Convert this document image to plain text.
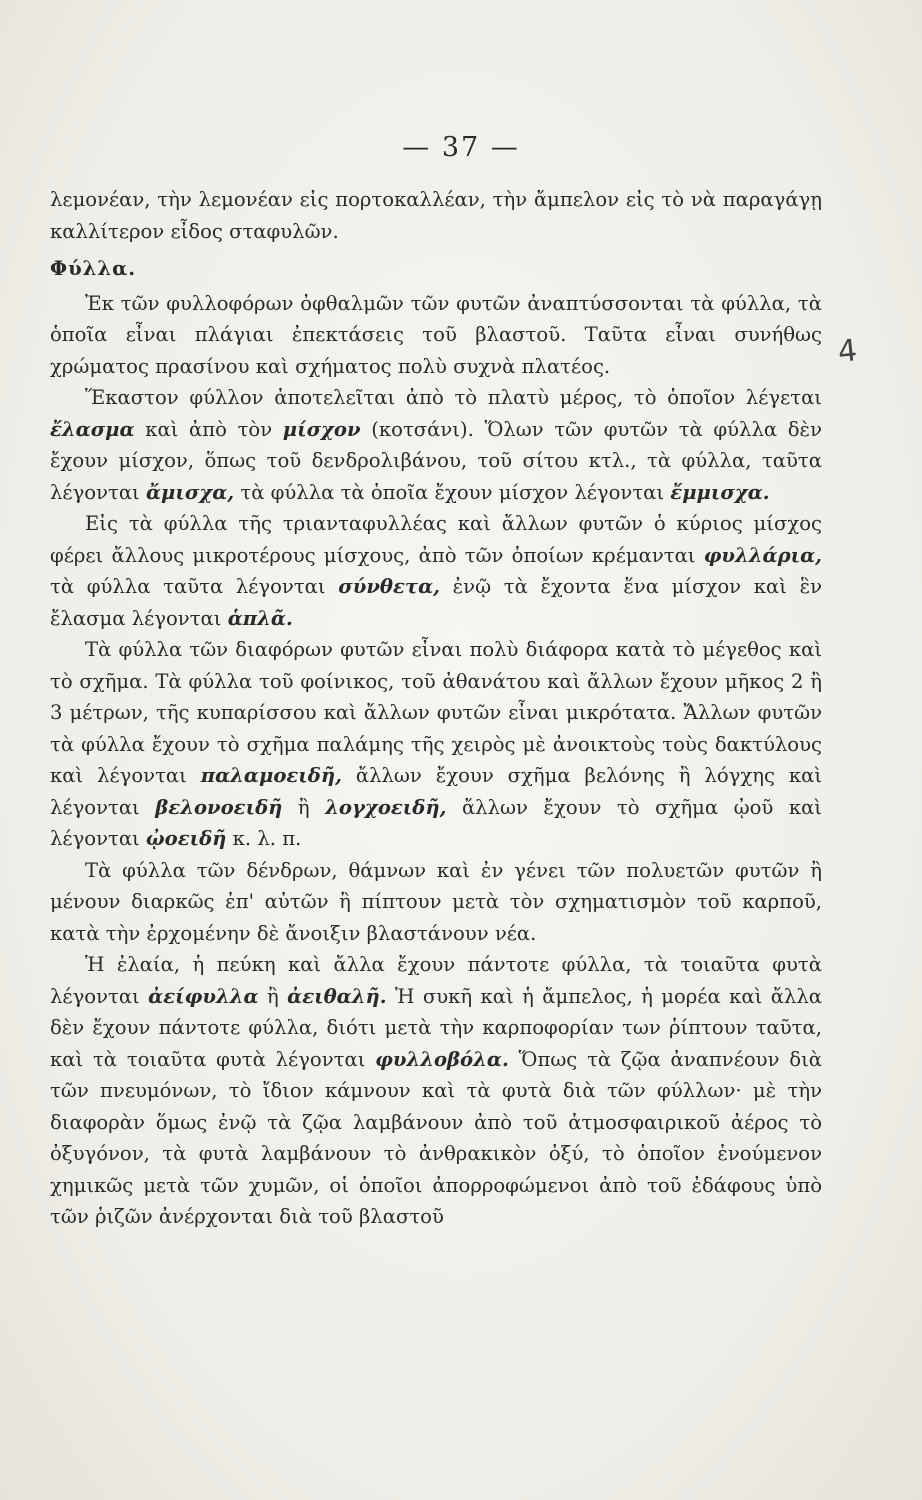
— 37 —
4

λεμονέαν, τὴν λεμονέαν εἰς πορτοκαλλέαν, τὴν ἄμπελον εἰς τὸ νὰ παραγάγῃ καλλίτερον εἶδος σταφυλῶν.

Φύλλα.

Ἐκ τῶν φυλλοφόρων ὀφθαλμῶν τῶν φυτῶν ἀναπτύσσονται τὰ φύλλα, τὰ ὁποῖα εἶναι πλάγιαι ἐπεκτάσεις τοῦ βλαστοῦ. Ταῦτα εἶναι συνήθως χρώματος πρασίνου καὶ σχήματος πολὺ συχνὰ πλατέος.

Ἕκαστον φύλλον ἀποτελεῖται ἀπὸ τὸ πλατὺ μέρος, τὸ ὁποῖον λέγεται ἔλασμα καὶ ἀπὸ τὸν μίσχον (κοτσάνι). Ὅλων τῶν φυτῶν τὰ φύλλα δὲν ἔχουν μίσχον, ὅπως τοῦ δενδρολιβάνου, τοῦ σίτου κτλ., τὰ φύλλα, ταῦτα λέγονται ἄμισχα, τὰ φύλλα τὰ ὁποῖα ἔχουν μίσχον λέγονται ἔμμισχα.

Εἰς τὰ φύλλα τῆς τριανταφυλλέας καὶ ἄλλων φυτῶν ὁ κύριος μίσχος φέρει ἄλλους μικροτέρους μίσχους, ἀπὸ τῶν ὁποίων κρέμανται φυλλάρια, τὰ φύλλα ταῦτα λέγονται σύνθετα, ἐνῷ τὰ ἔχοντα ἕνα μίσχον καὶ ἓν ἔλασμα λέγονται ἁπλᾶ.

Τὰ φύλλα τῶν διαφόρων φυτῶν εἶναι πολὺ διάφορα κατὰ τὸ μέγεθος καὶ τὸ σχῆμα. Τὰ φύλλα τοῦ φοίνικος, τοῦ ἀθανάτου καὶ ἄλλων ἔχουν μῆκος 2 ἢ 3 μέτρων, τῆς κυπαρίσσου καὶ ἄλλων φυτῶν εἶναι μικρότατα. Ἄλλων φυτῶν τὰ φύλλα ἔχουν τὸ σχῆμα παλάμης τῆς χειρὸς μὲ ἀνοικτοὺς τοὺς δακτύλους καὶ λέγονται παλαμοειδῆ, ἄλλων ἔχουν σχῆμα βελόνης ἢ λόγχης καὶ λέγονται βελονοειδῆ ἢ λογχοειδῆ, ἄλλων ἔχουν τὸ σχῆμα ᾠοῦ καὶ λέγονται ᾠοειδῆ κ. λ. π.

Τὰ φύλλα τῶν δένδρων, θάμνων καὶ ἐν γένει τῶν πολυετῶν φυτῶν ἢ μένουν διαρκῶς ἐπ' αὐτῶν ἢ πίπτουν μετὰ τὸν σχηματισμὸν τοῦ καρποῦ, κατὰ τὴν ἐρχομένην δὲ ἄνοιξιν βλαστάνουν νέα.

Ἡ ἐλαία, ἡ πεύκη καὶ ἄλλα ἔχουν πάντοτε φύλλα, τὰ τοιαῦτα φυτὰ λέγονται ἀείφυλλα ἢ ἀειθαλῆ. Ἡ συκῆ καὶ ἡ ἄμπελος, ἡ μορέα καὶ ἄλλα δὲν ἔχουν πάντοτε φύλλα, διότι μετὰ τὴν καρποφορίαν των ῥίπτουν ταῦτα, καὶ τὰ τοιαῦτα φυτὰ λέγονται φυλλοβόλα. Ὅπως τὰ ζῷα ἀναπνέουν διὰ τῶν πνευμόνων, τὸ ἴδιον κάμνουν καὶ τὰ φυτὰ διὰ τῶν φύλλων· μὲ τὴν διαφορὰν ὅμως ἐνῷ τὰ ζῷα λαμβάνουν ἀπὸ τοῦ ἀτμοσφαιρικοῦ ἀέρος τὸ ὀξυγόνον, τὰ φυτὰ λαμβάνουν τὸ ἀνθρακικὸν ὀξύ, τὸ ὁποῖον ἑνούμενον χημικῶς μετὰ τῶν χυμῶν, οἱ ὁποῖοι ἀπορροφώμενοι ἀπὸ τοῦ ἐδάφους ὑπὸ τῶν ῥιζῶν ἀνέρχονται διὰ τοῦ βλαστοῦ
